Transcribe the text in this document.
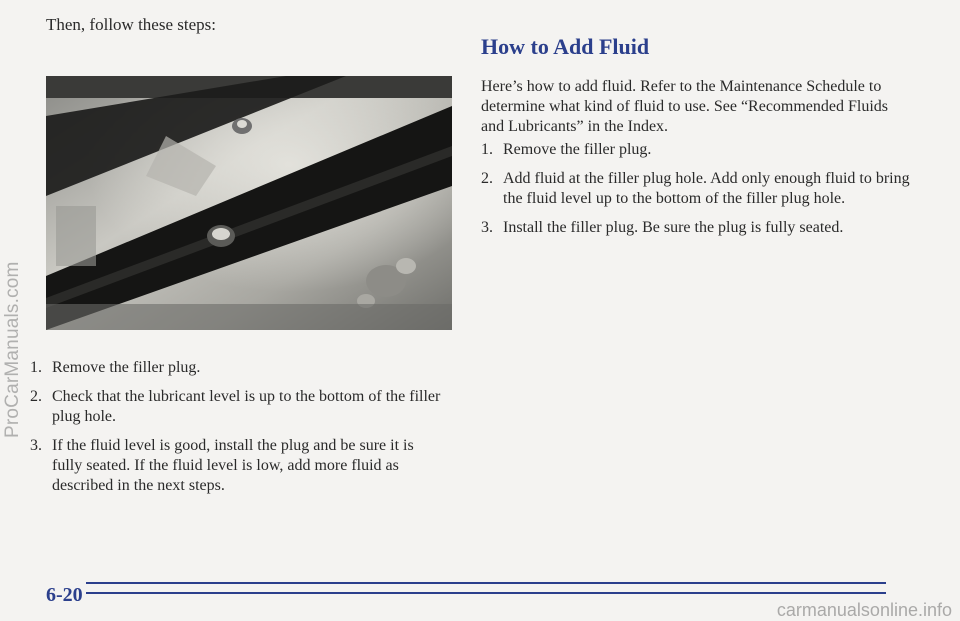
ProCarManuals.com
Then, follow these steps:
1. Remove the filler plug.
2. Check that the lubricant level is up to the bottom of the filler plug hole.
3. If the fluid level is good, install the plug and be sure it is fully seated. If the fluid level is low, add more fluid as described in the next steps.
How to Add Fluid

Here’s how to add fluid. Refer to the Maintenance Schedule to determine what kind of fluid to use. See “Recommended Fluids and Lubricants” in the Index.

1. Remove the filler plug.
2. Add fluid at the filler plug hole. Add only enough fluid to bring the fluid level up to the bottom of the filler plug hole.
3. Install the filler plug. Be sure the plug is fully seated.
6-20
carmanualsonline.info
